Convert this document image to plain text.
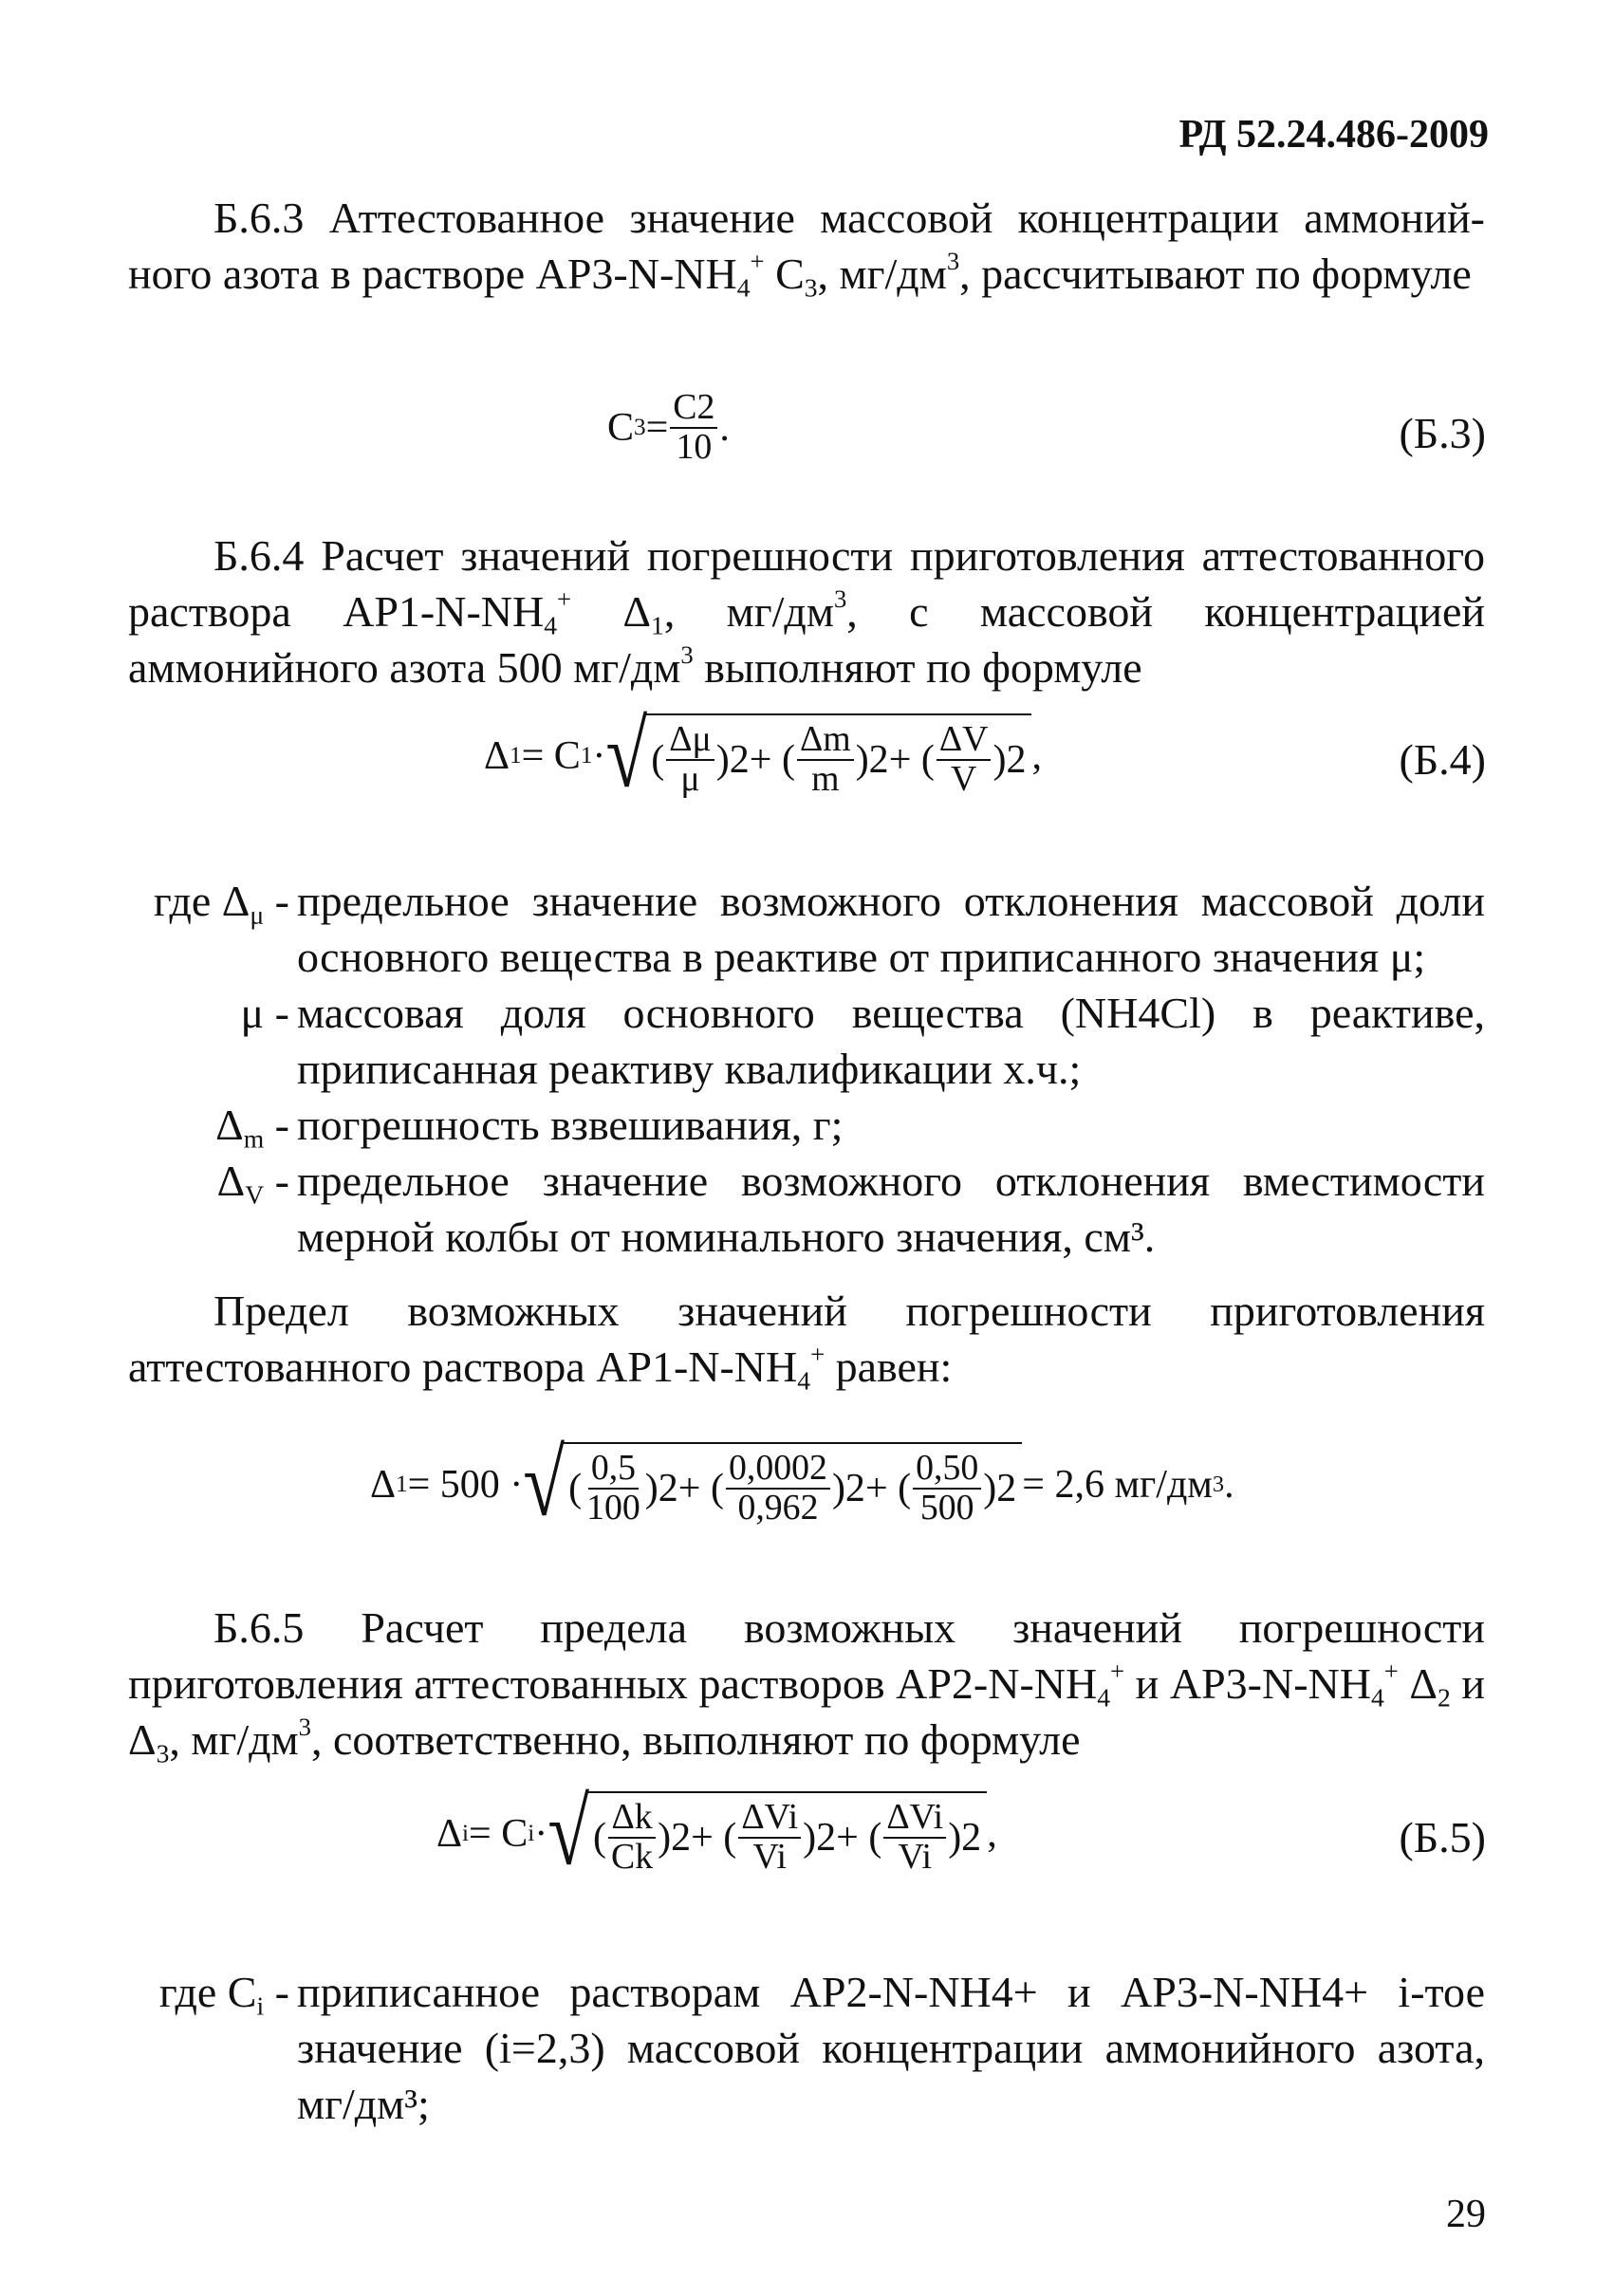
РД 52.24.486-2009
Б.6.3 Аттестованное значение массовой концентрации аммоний-ного азота в растворе $АР3-N-NH_4^+$ $C_3$, $мг/дм^3$, рассчитывают по формуле
C $3 = \frac{C2}{10}$ .	(Б.3)
Б.6.4 Расчет значений погрешности приготовления аттестованного раствора $АР1-N-NH_4^+$ $\Delta_1$, $мг/дм^3$, с массовой концентрацией аммонийного азота 500 $мг/дм^3$ выполняют по формуле
Δ 1 = C 1 · √ ( $\frac{\Delta\mu}{\mu} )2$ + ( $\frac{\Delta m}{m} )2$ + ( $\frac{\Delta V}{V} )2$ ,	(Б.4)
где $\Delta_\mu$ - предельное значение возможного отклонения массовой доли основного вещества в реактиве от приписанного значения μ;
μ - массовая доля основного вещества (NH4Cl) в реактиве, приписанная реактиву квалификации х.ч.;
$\Delta_m$ - погрешность взвешивания, г;
$\Delta_V$ - предельное значение возможного отклонения вместимости мерной колбы от номинального значения, см³.
Предел возможных значений погрешности приготовления аттестованного раствора $АР1-N-NH_4^+$ равен:
Δ 1 = 500 · √ ( $\frac{0,5}{100} )2$ + ( $\frac{0,0002}{0,962} )2$ + ( $\frac{0,50}{500} )2 = 2,6$ мг/дм 3 .
Б.6.5 Расчет предела возможных значений погрешности приготовления аттестованных растворов $АР2-N-NH_4^+$ и $АР3-N-NH_4^+$ $\Delta_2$ и $\Delta_3$, $мг/дм^3$, соответственно, выполняют по формуле
Δ i = C i · √ ( $\frac{\Delta k}{Ck} )2$ + ( $\frac{\text{ΔVi}}{Vi} )2$ + ( $\frac{\text{ΔVi}}{Vi} )2$ ,	(Б.5)
где $C_i$ - приписанное растворам АР2-N-NH4+ и АР3-N-NH4+ i-тое значение (i=2,3) массовой концентрации аммонийного азота, мг/дм³;
29
